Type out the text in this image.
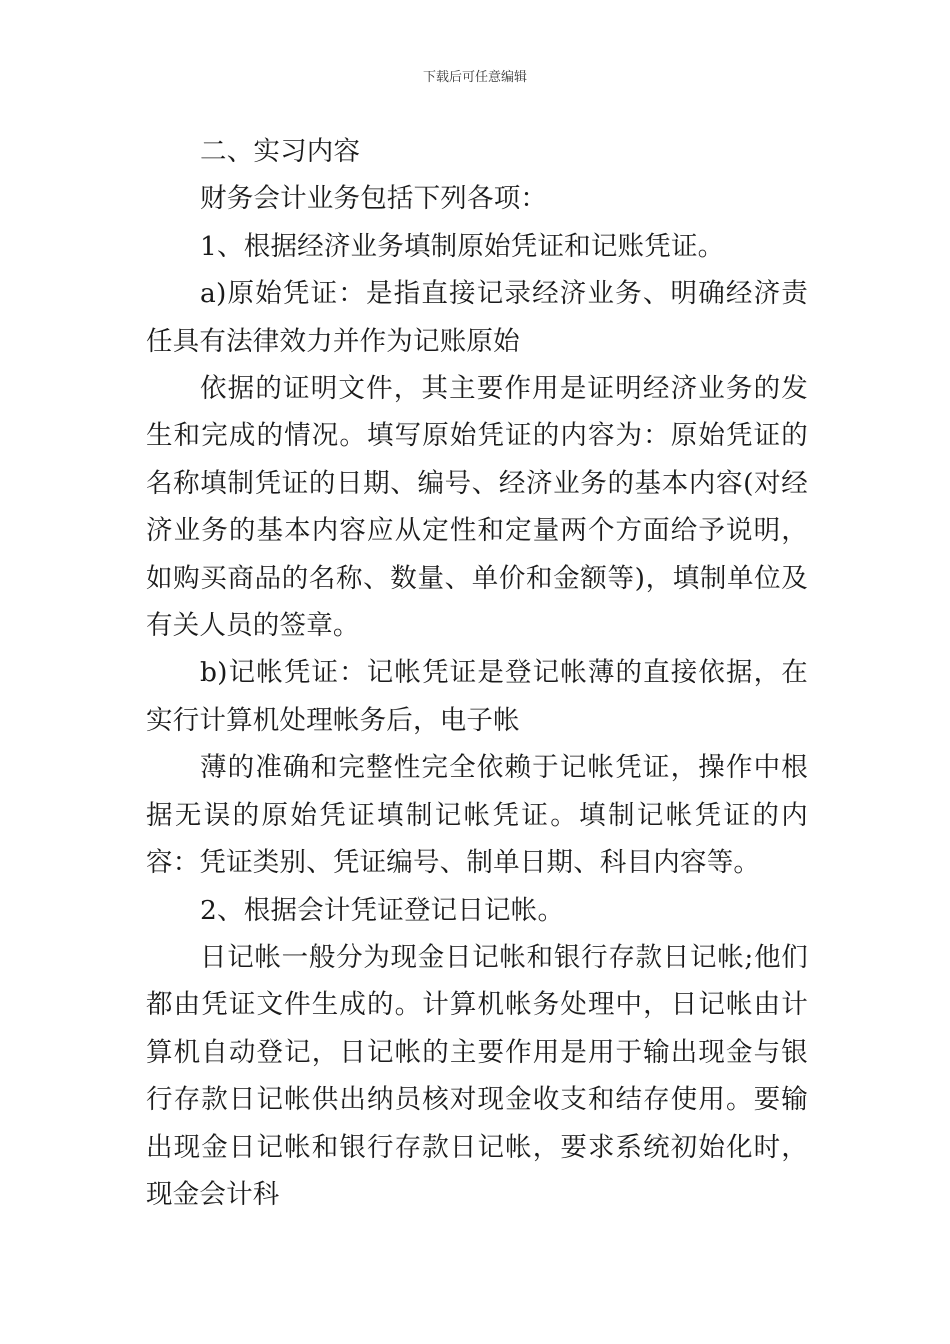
下载后可任意编辑

二、实习内容

财务会计业务包括下列各项：

1、根据经济业务填制原始凭证和记账凭证。

a)原始凭证：是指直接记录经济业务、明确经济责任具有法律效力并作为记账原始

依据的证明文件，其主要作用是证明经济业务的发生和完成的情况。填写原始凭证的内容为：原始凭证的名称填制凭证的日期、编号、经济业务的基本内容(对经济业务的基本内容应从定性和定量两个方面给予说明，如购买商品的名称、数量、单价和金额等)，填制单位及有关人员的签章。

b)记帐凭证：记帐凭证是登记帐薄的直接依据，在实行计算机处理帐务后，电子帐

薄的准确和完整性完全依赖于记帐凭证，操作中根据无误的原始凭证填制记帐凭证。填制记帐凭证的内容：凭证类别、凭证编号、制单日期、科目内容等。

2、根据会计凭证登记日记帐。

日记帐一般分为现金日记帐和银行存款日记帐;他们都由凭证文件生成的。计算机帐务处理中，日记帐由计算机自动登记，日记帐的主要作用是用于输出现金与银行存款日记帐供出纳员核对现金收支和结存使用。要输出现金日记帐和银行存款日记帐，要求系统初始化时，现金会计科
